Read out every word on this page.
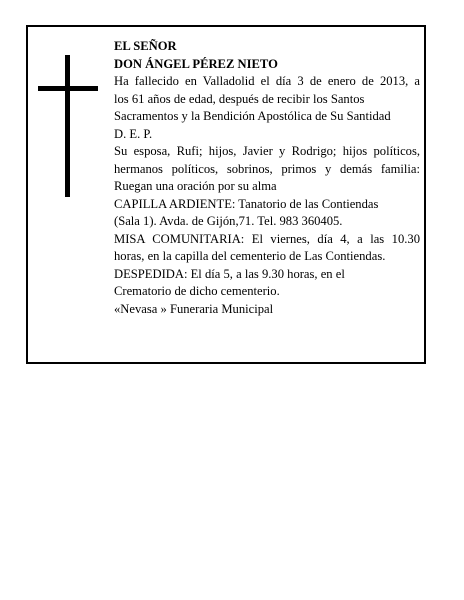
EL SEÑOR

DON ÁNGEL PÉREZ NIETO

Ha fallecido en Valladolid el día 3 de enero de 2013, a

los 61 años de edad, después de recibir los Santos

Sacramentos y la Bendición Apostólica de Su Santidad

D. E. P.

Su esposa, Rufi; hijos, Javier y Rodrigo; hijos políticos,

hermanos políticos, sobrinos, primos y demás familia:

Ruegan una oración por su alma

CAPILLA ARDIENTE: Tanatorio de las Contiendas

(Sala 1). Avda. de Gijón,71. Tel. 983 360405.

MISA COMUNITARIA: El viernes, día 4, a las 10.30

horas, en la capilla del cementerio de Las Contiendas.

DESPEDIDA: El día 5, a las 9.30 horas, en el

Crematorio de dicho cementerio.

«Nevasa » Funeraria Municipal
